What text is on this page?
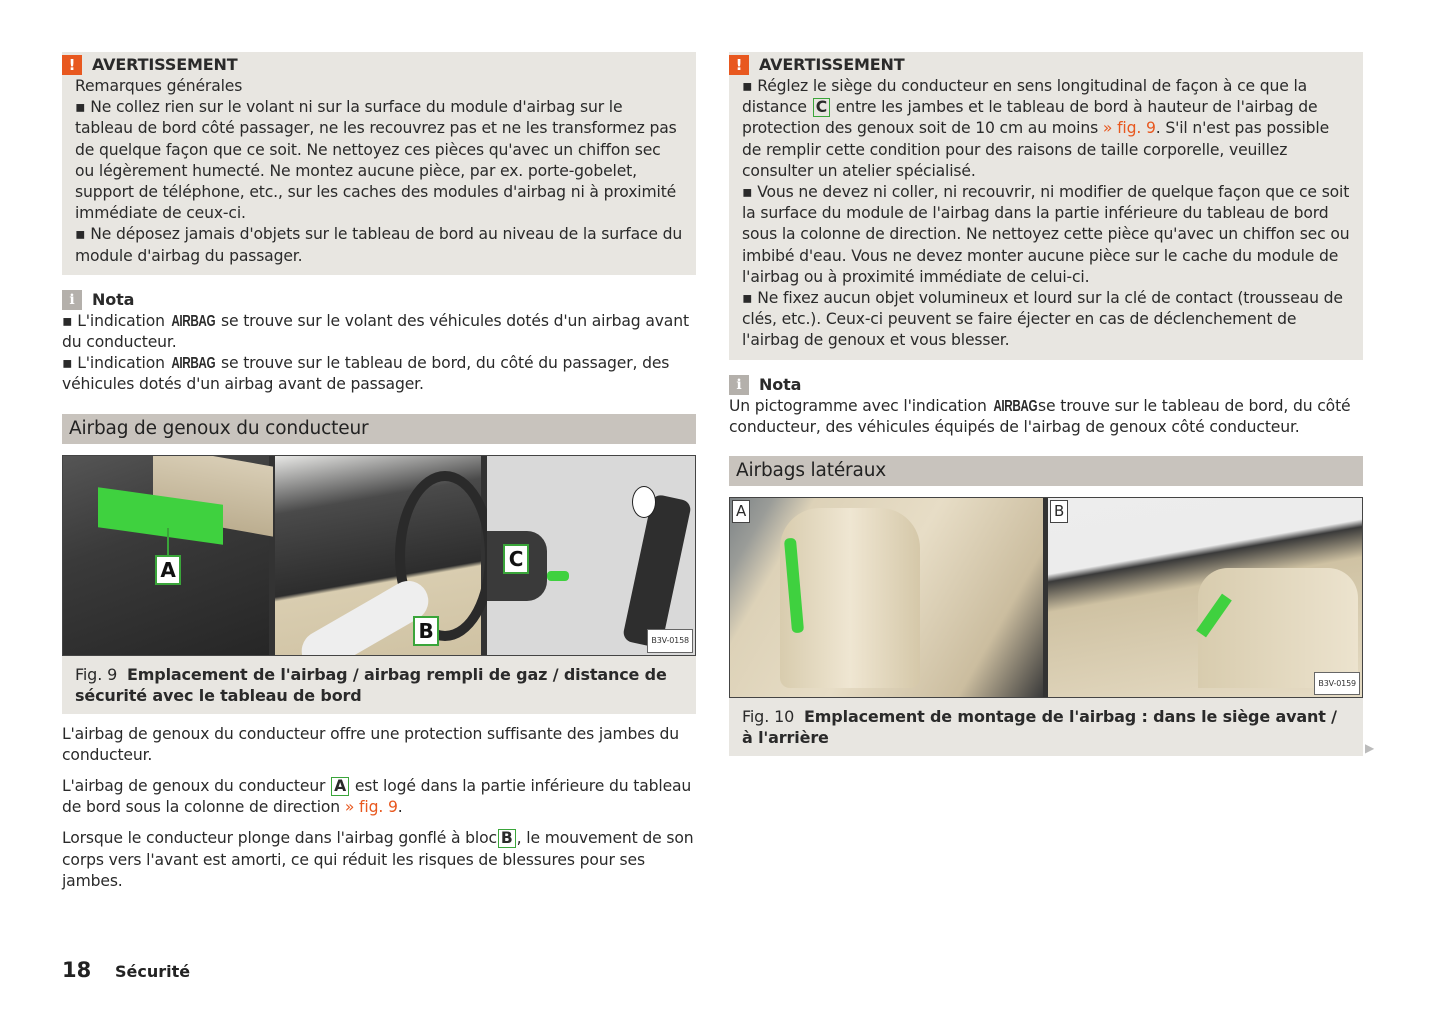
!	AVERTISSEMENT
Remarques générales
▪ Ne collez rien sur le volant ni sur la surface du module d'airbag sur le tableau de bord côté passager, ne les recouvrez pas et ne les transformez pas de quelque façon que ce soit. Ne nettoyez ces pièces qu'avec un chiffon sec ou légèrement humecté. Ne montez aucune pièce, par ex. porte-gobelet, support de téléphone, etc., sur les caches des modules d'airbag ni à proximité immédiate de ceux-ci.
▪ Ne déposez jamais d'objets sur le tableau de bord au niveau de la surface du module d'airbag du passager.
i	Nota
▪ L'indication AIRBAG se trouve sur le volant des véhicules dotés d'un airbag avant du conducteur.
▪ L'indication AIRBAG se trouve sur le tableau de bord, du côté du passager, des véhicules dotés d'un airbag avant de passager.
Airbag de genoux du conducteur
A
B
C
B3V-0158
Fig. 9 Emplacement de l'airbag / airbag rempli de gaz / distance de sécurité avec le tableau de bord
L'airbag de genoux du conducteur offre une protection suffisante des jambes du conducteur.
L'airbag de genoux du conducteur A est logé dans la partie inférieure du tableau de bord sous la colonne de direction » fig. 9.
Lorsque le conducteur plonge dans l'airbag gonflé à bloc B , le mouvement de son corps vers l'avant est amorti, ce qui réduit les risques de blessures pour ses jambes.
!	AVERTISSEMENT
▪ Réglez le siège du conducteur en sens longitudinal de façon à ce que la distance C entre les jambes et le tableau de bord à hauteur de l'airbag de protection des genoux soit de 10 cm au moins » fig. 9. S'il n'est pas possible de remplir cette condition pour des raisons de taille corporelle, veuillez consulter un atelier spécialisé.
▪ Vous ne devez ni coller, ni recouvrir, ni modifier de quelque façon que ce soit la surface du module de l'airbag dans la partie inférieure du tableau de bord sous la colonne de direction. Ne nettoyez cette pièce qu'avec un chiffon sec ou imbibé d'eau. Vous ne devez monter aucune pièce sur le cache du module de l'airbag ou à proximité immédiate de celui-ci.
▪ Ne fixez aucun objet volumineux et lourd sur la clé de contact (trousseau de clés, etc.). Ceux-ci peuvent se faire éjecter en cas de déclenchement de l'airbag de genoux et vous blesser.
i	Nota
Un pictogramme avec l'indication AIRBAGse trouve sur le tableau de bord, du côté conducteur, des véhicules équipés de l'airbag de genoux côté conducteur.
Airbags latéraux
A	B
B3V-0159
Fig. 10 Emplacement de montage de l'airbag : dans le siège avant / à l'arrière
▶
18 Sécurité
